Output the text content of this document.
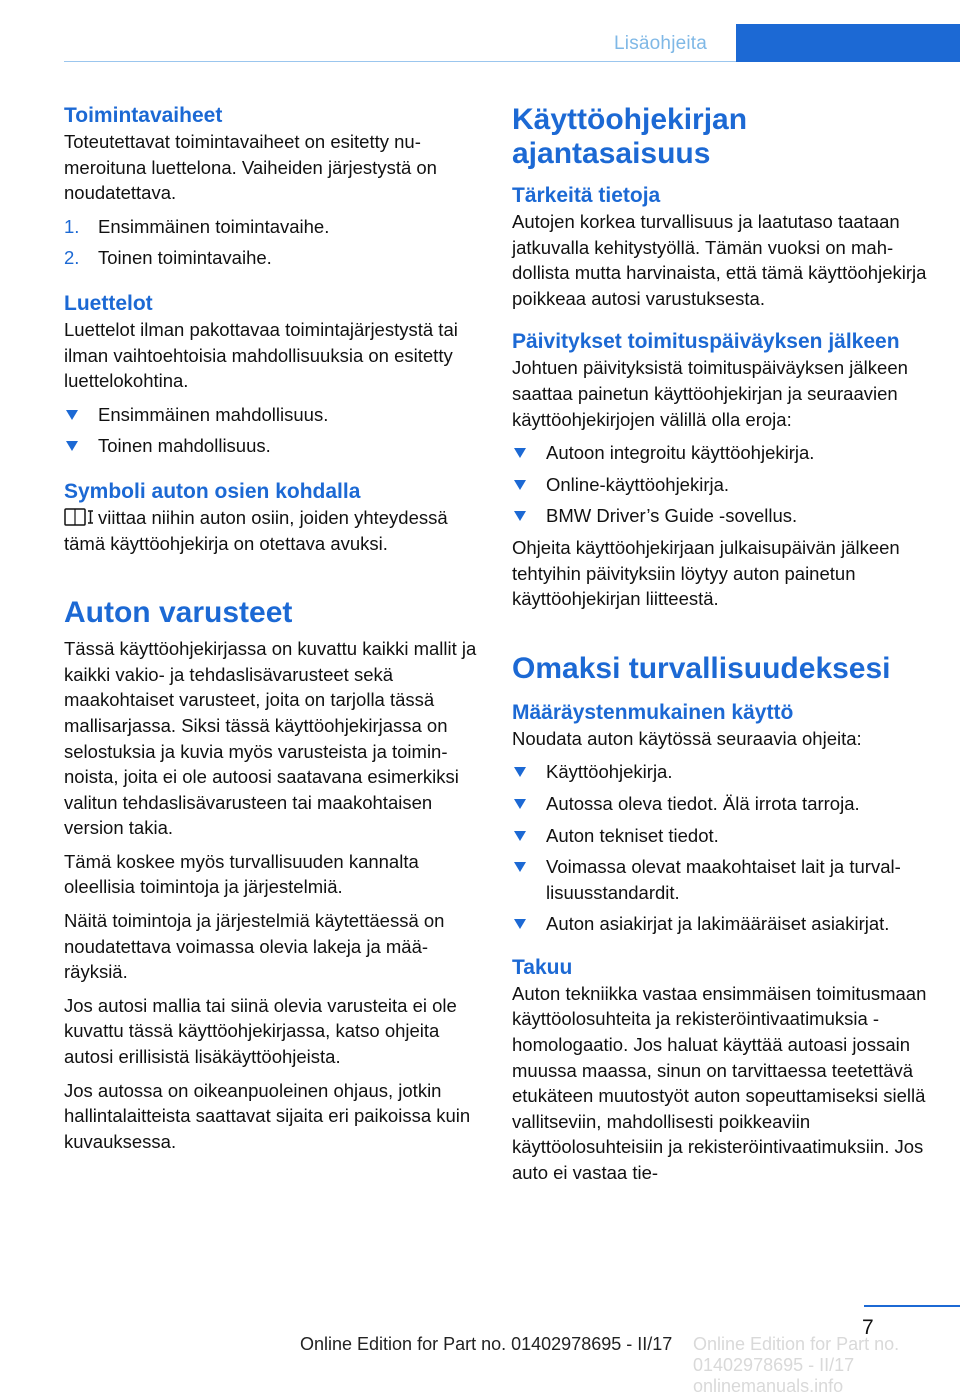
Lisäohjeita
Toimintavaiheet

Toteutettavat toimintavaiheet on esitetty numeroituna luettelona. Vaiheiden järjestystä on noudatettava.

1. Ensimmäinen toimintavaihe.
2. Toinen toimintavaihe.
Luettelot

Luettelot ilman pakottavaa toimintajärjestystä tai ilman vaihtoehtoisia mahdollisuuksia on esitetty luettelokohtina.

Ensimmäinen mahdollisuus.
Toinen mahdollisuus.
Symboli auton osien kohdalla

viittaa niihin auton osiin, joiden yhteydessä tämä käyttöohjekirja on otettava avuksi.

Auton varusteet

Tässä käyttöohjekirjassa on kuvattu kaikki mallit ja kaikki vakio- ja tehdaslisävarusteet sekä maakohtaiset varusteet, joita on tarjolla tässä mallisarjassa. Siksi tässä käyttöohjekirjassa on selostuksia ja kuvia myös varusteista ja toiminnoista, joita ei ole autoosi saatavana esimerkiksi valitun tehdaslisävarusteen tai maakohtaisen version takia.

Tämä koskee myös turvallisuuden kannalta oleellisia toimintoja ja järjestelmiä.

Näitä toimintoja ja järjestelmiä käytettäessä on noudatettava voimassa olevia lakeja ja määräyksiä.

Jos autosi mallia tai siinä olevia varusteita ei ole kuvattu tässä käyttöohjekirjassa, katso ohjeita autosi erillisistä lisäkäyttöohjeista.

Jos autossa on oikeanpuoleinen ohjaus, jotkin hallintalaitteista saattavat sijaita eri paikoissa kuin kuvauksessa.

Käyttöohjekirjan ajantasaisuus
Tärkeitä tietoja

Autojen korkea turvallisuus ja laatutaso taataan jatkuvalla kehitystyöllä. Tämän vuoksi on mahdollista mutta harvinaista, että tämä käyttöohjekirja poikkeaa autosi varustuksesta.

Päivitykset toimituspäiväyksen jälkeen

Johtuen päivityksistä toimituspäiväyksen jälkeen saattaa painetun käyttöohjekirjan ja seuraavien käyttöohjekirjojen välillä olla eroja:

Autoon integroitu käyttöohjekirja.
Online-käyttöohjekirja.
BMW Driver’s Guide -sovellus.

Ohjeita käyttöohjekirjaan julkaisupäivän jälkeen tehtyihin päivityksiin löytyy auton painetun käyttöohjekirjan liitteestä.

Omaksi turvallisuudeksesi
Määräystenmukainen käyttö

Noudata auton käytössä seuraavia ohjeita:

Käyttöohjekirja.
Autossa oleva tiedot. Älä irrota tarroja.
Auton tekniset tiedot.
Voimassa olevat maakohtaiset lait ja turvallisuusstandardit.
Auton asiakirjat ja lakimääräiset asiakirjat.
Takuu

Auton tekniikka vastaa ensimmäisen toimitusmaan käyttöolosuhteita ja rekisteröintivaatimuksia - homologaatio. Jos haluat käyttää autoasi jossain muussa maassa, sinun on tarvittaessa teetettävä etukäteen muutostyöt auton sopeuttamiseksi siellä vallitseviin, mahdollisesti poikkeaviin käyttöolosuhteisiin ja rekisteröintivaatimuksiin. Jos auto ei vastaa tie-

7
Online Edition for Part no. 01402978695 - II/17 onlinemanuals.info
Online Edition for Part no. 01402978695 - II/17
